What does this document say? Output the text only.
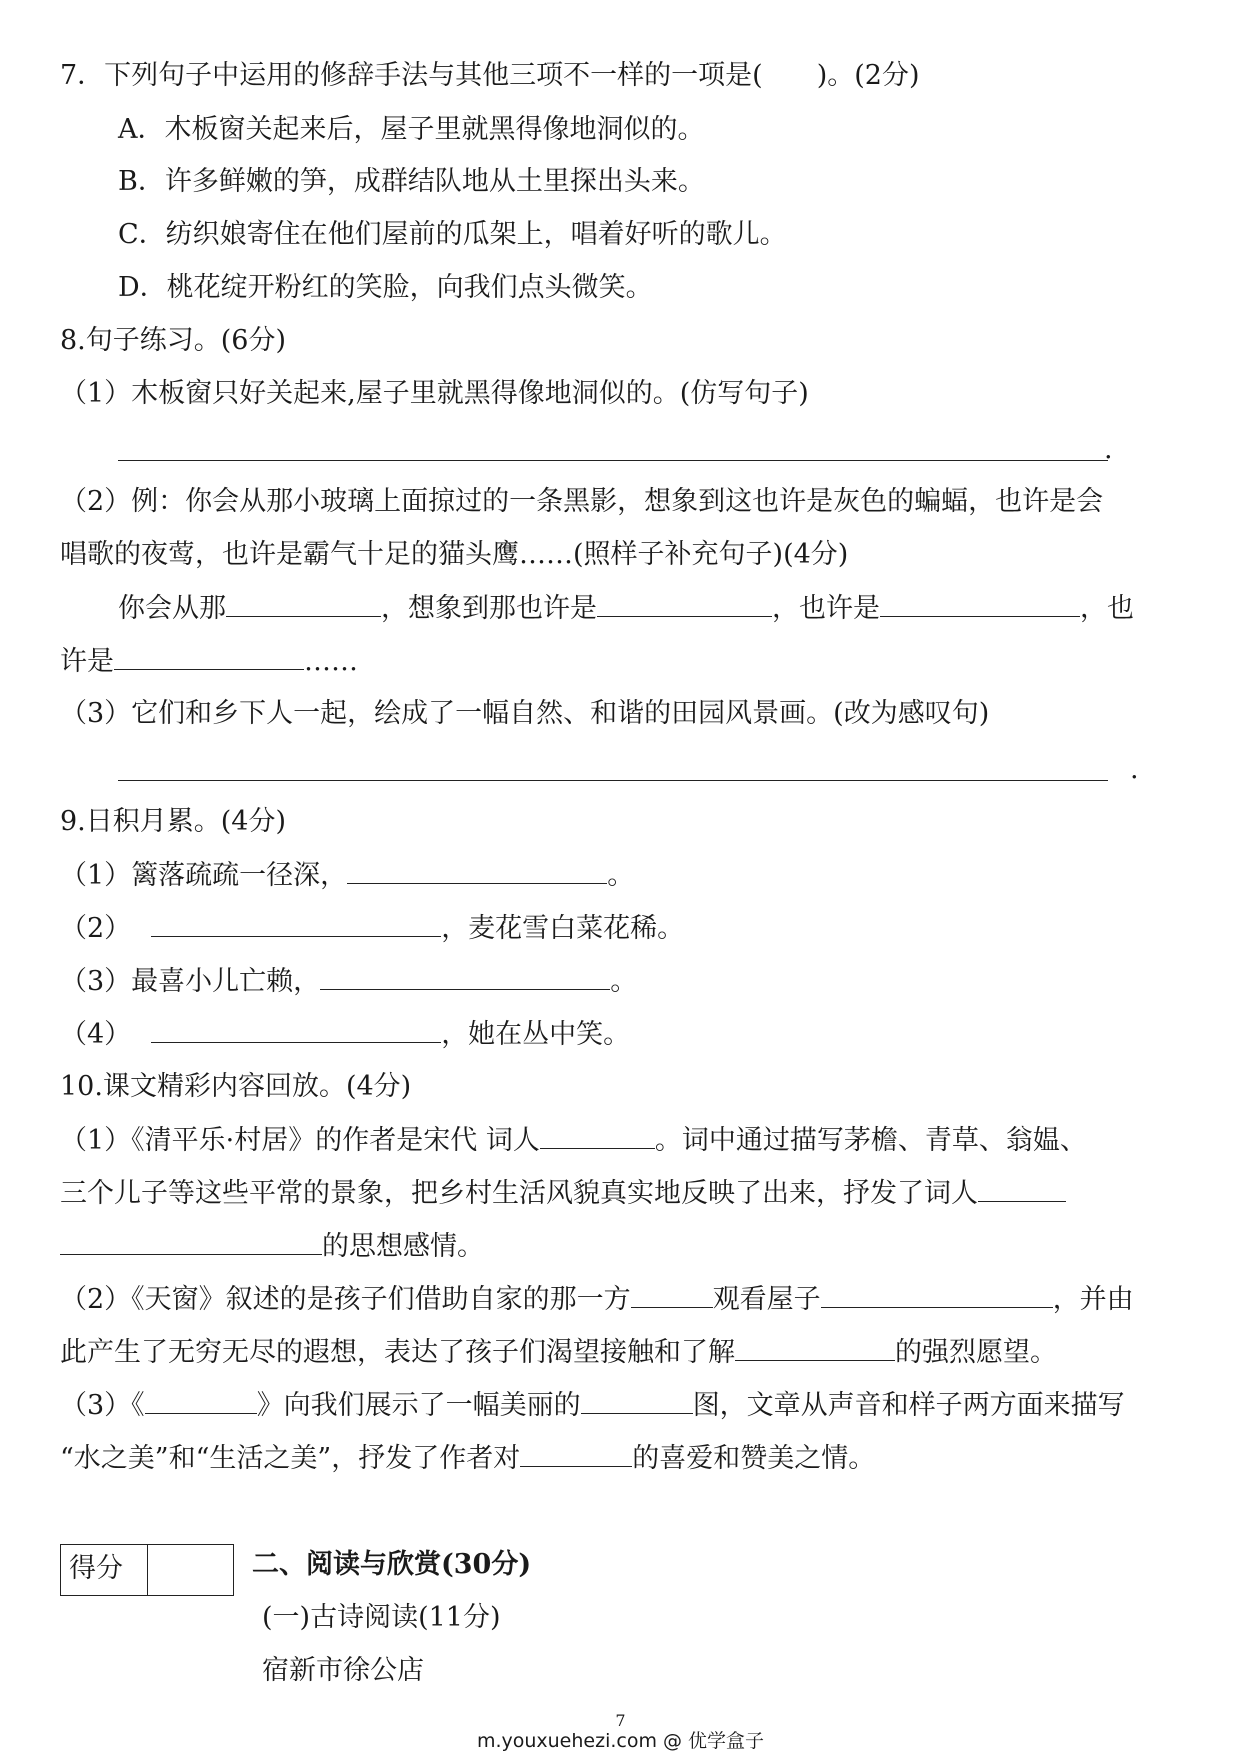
7．下列句子中运用的修辞手法与其他三项不一样的一项是(　　)。(2分)
A．木板窗关起来后，屋子里就黑得像地洞似的。
B．许多鲜嫩的笋，成群结队地从土里探出头来。
C．纺织娘寄住在他们屋前的瓜架上，唱着好听的歌儿。
D．桃花绽开粉红的笑脸，向我们点头微笑。
8.句子练习。(6分)
（1）木板窗只好关起来,屋子里就黑得像地洞似的。(仿写句子)
.
（2）例：你会从那小玻璃上面掠过的一条黑影，想象到这也许是灰色的蝙蝠，也许是会
唱歌的夜莺，也许是霸气十足的猫头鹰……(照样子补充句子)(4分)
你会从那	，想象到那也许是	，也许是	，也
许是	……
（3）它们和乡下人一起，绘成了一幅自然、和谐的田园风景画。(改为感叹句)
.
9.日积月累。(4分)
（1）篱落疏疏一径深，	。
（2）	，麦花雪白菜花稀。
（3）最喜小儿亡赖，	。
（4）	，她在丛中笑。
10.课文精彩内容回放。(4分)
（1）《清平乐·村居》的作者是宋代 词人	。词中通过描写茅檐、青草、翁媪、
三个儿子等这些平常的景象，把乡村生活风貌真实地反映了出来，抒发了词人
的思想感情。
（2）《天窗》叙述的是孩子们借助自家的那一方	观看屋子	，并由
此产生了无穷无尽的遐想，表达了孩子们渴望接触和了解	的强烈愿望。
（3）《	》向我们展示了一幅美丽的	图，文章从声音和样子两方面来描写
“水之美”和“生活之美”，抒发了作者对	的喜爱和赞美之情。
得分	二、阅读与欣赏(30分)
(一)古诗阅读(11分)
宿新市徐公店
7
m.youxuehezi.com @ 优学盒子
